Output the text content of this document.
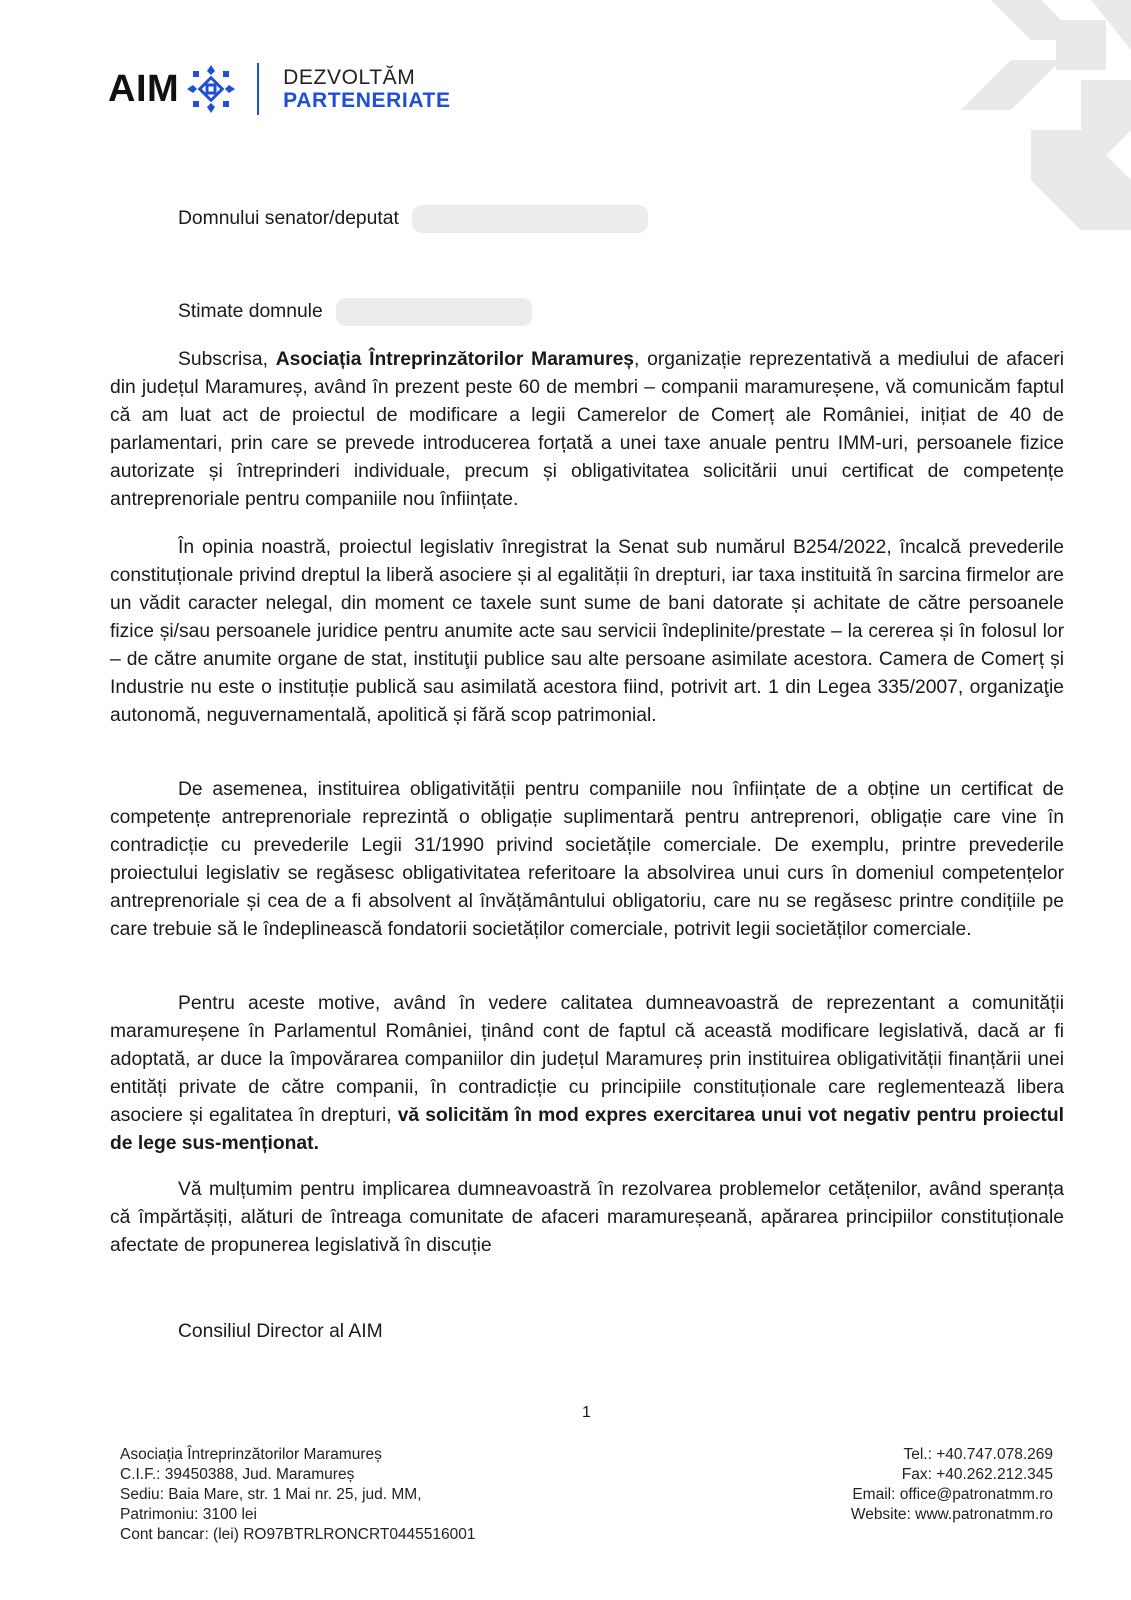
AIM	DEZVOLTĂM
PARTENERIATE
Domnului senator/deputat
Stimate domnule

Subscrisa, Asociația Întreprinzătorilor Maramureș, organizație reprezentativă a mediului de afaceri din județul Maramureș, având în prezent peste 60 de membri – companii maramureșene, vă comunicăm faptul că am luat act de proiectul de modificare a legii Camerelor de Comerț ale României, inițiat de 40 de parlamentari, prin care se prevede introducerea forțată a unei taxe anuale pentru IMM-uri, persoanele fizice autorizate și întreprinderi individuale, precum și obligativitatea solicitării unui certificat de competențe antreprenoriale pentru companiile nou înființate.

În opinia noastră, proiectul legislativ înregistrat la Senat sub numărul B254/2022, încalcă prevederile constituționale privind dreptul la liberă asociere și al egalității în drepturi, iar taxa instituită în sarcina firmelor are un vădit caracter nelegal, din moment ce taxele sunt sume de bani datorate și achitate de către persoanele fizice și/sau persoanele juridice pentru anumite acte sau servicii îndeplinite/prestate – la cererea și în folosul lor – de către anumite organe de stat, instituţii publice sau alte persoane asimilate acestora. Camera de Comerț și Industrie nu este o instituție publică sau asimilată acestora fiind, potrivit art. 1 din Legea 335/2007, organizaţie autonomă, neguvernamentală, apolitică și fără scop patrimonial.

De asemenea, instituirea obligativității pentru companiile nou înființate de a obține un certificat de competențe antreprenoriale reprezintă o obligație suplimentară pentru antreprenori, obligație care vine în contradicție cu prevederile Legii 31/1990 privind societățile comerciale. De exemplu, printre prevederile proiectului legislativ se regăsesc obligativitatea referitoare la absolvirea unui curs în domeniul competențelor antreprenoriale și cea de a fi absolvent al învățământului obligatoriu, care nu se regăsesc printre condițiile pe care trebuie să le îndeplinească fondatorii societăților comerciale, potrivit legii societăților comerciale.

Pentru aceste motive, având în vedere calitatea dumneavoastră de reprezentant a comunității maramureșene în Parlamentul României, ținând cont de faptul că această modificare legislativă, dacă ar fi adoptată, ar duce la împovărarea companiilor din județul Maramureș prin instituirea obligativității finanțării unei entități private de către companii, în contradicție cu principiile constituționale care reglementează libera asociere și egalitatea în drepturi, vă solicităm în mod expres exercitarea unui vot negativ pentru proiectul de lege sus-menționat.

Vă mulțumim pentru implicarea dumneavoastră în rezolvarea problemelor cetățenilor, având speranța că împărtășiți, alături de întreaga comunitate de afaceri maramureșeană, apărarea principiilor constituționale afectate de propunerea legislativă în discuție

Consiliul Director al AIM
1
Asociația Întreprinzătorilor Maramureș
C.I.F.: 39450388, Jud. Maramureș
Sediu: Baia Mare, str. 1 Mai nr. 25, jud. MM,
Patrimoniu: 3100 lei
Cont bancar: (lei) RO97BTRLRONCRT0445516001
Tel.: +40.747.078.269
Fax: +40.262.212.345
Email: office@patronatmm.ro
Website: www.patronatmm.ro
